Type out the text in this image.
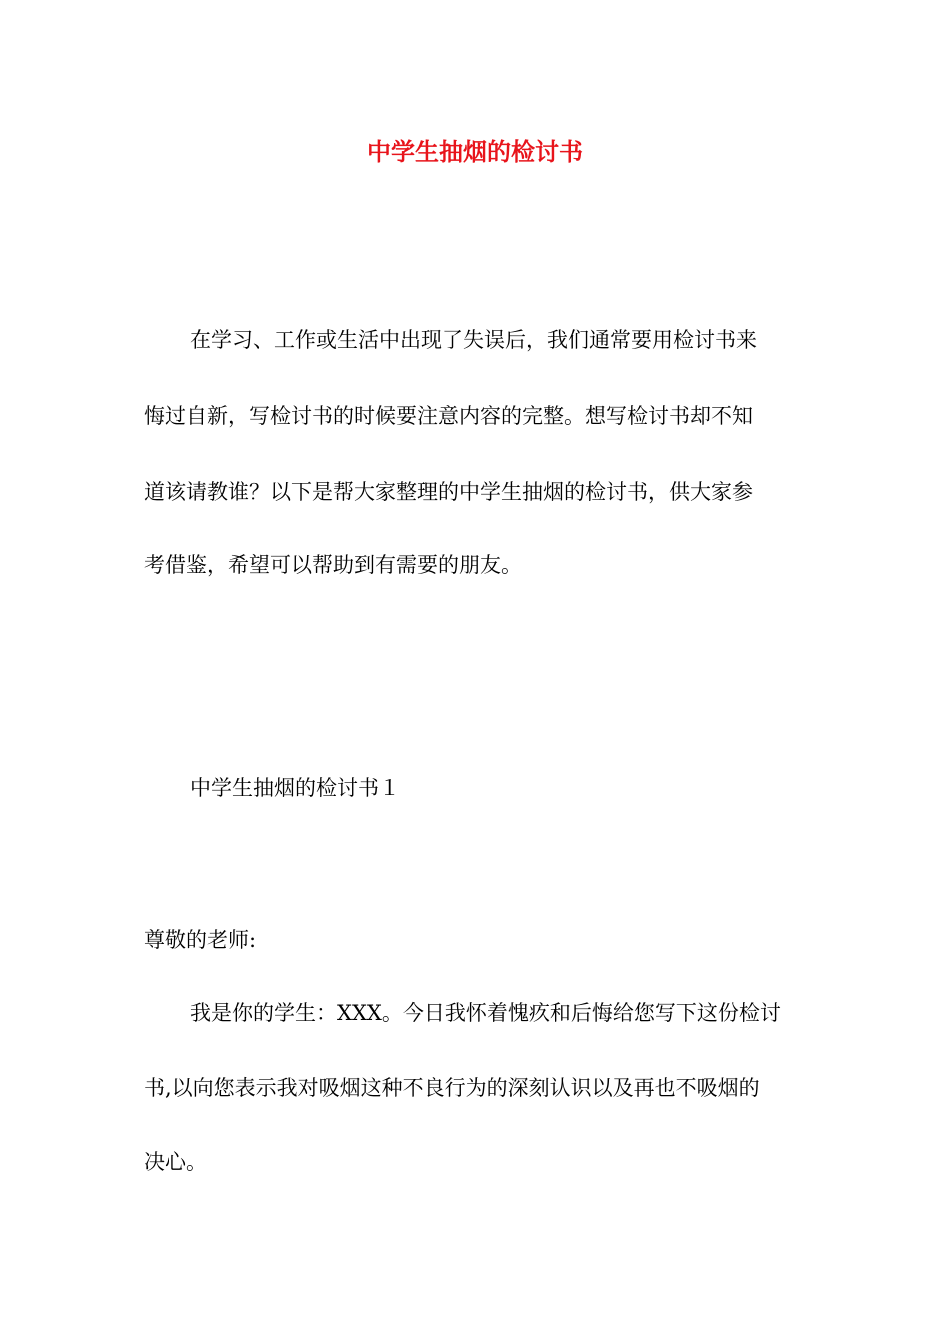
中学生抽烟的检讨书
在学习、工作或生活中出现了失误后，我们通常要用检讨书来
悔过自新，写检讨书的时候要注意内容的完整。想写检讨书却不知
道该请教谁？以下是帮大家整理的中学生抽烟的检讨书，供大家参
考借鉴，希望可以帮助到有需要的朋友。
中学生抽烟的检讨书１
尊敬的老师:
我是你的学生：XXX。今日我怀着愧疚和后悔给您写下这份检讨
书,以向您表示我对吸烟这种不良行为的深刻认识以及再也不吸烟的
决心。
